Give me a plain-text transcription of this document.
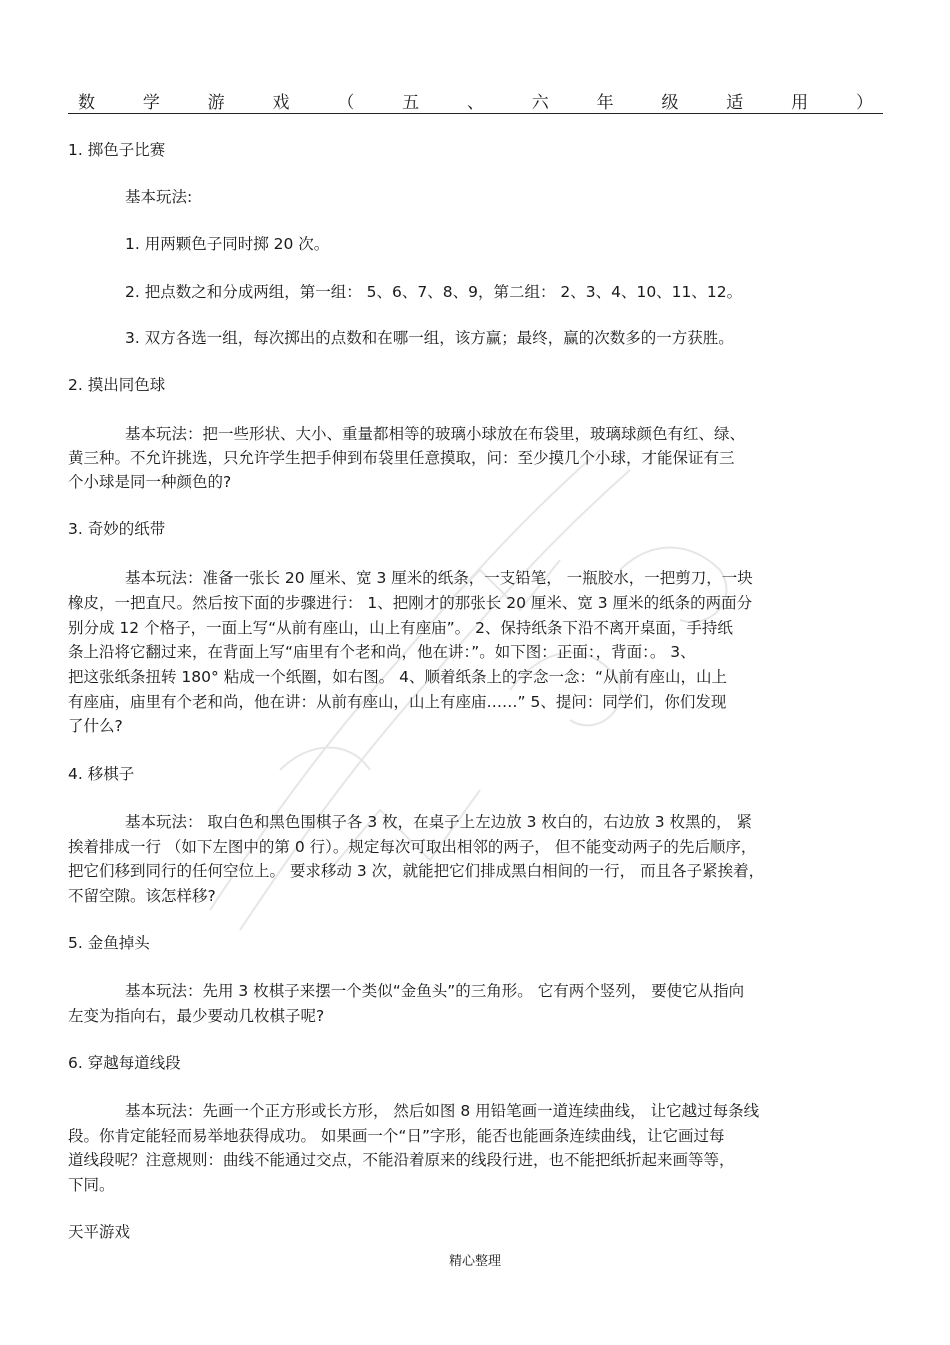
数	学	游	戏	（	五	、	六	年	级	适	用	）
1. 掷色子比赛
基本玩法:
1. 用两颗色子同时掷 20 次。
2. 把点数之和分成两组，第一组： 5、6、7、8、9，第二组： 2、3、4、10、11、12。
3. 双方各选一组，每次掷出的点数和在哪一组，该方赢；最终，赢的次数多的一方获胜。
2. 摸出同色球
基本玩法：把一些形状、大小、重量都相等的玻璃小球放在布袋里，玻璃球颜色有红、绿、
黄三种。不允许挑选，只允许学生把手伸到布袋里任意摸取，问：至少摸几个小球，才能保证有三
个小球是同一种颜色的?
3. 奇妙的纸带
基本玩法：准备一张长 20 厘米、宽 3 厘米的纸条，一支铅笔， 一瓶胶水，一把剪刀，一块
橡皮，一把直尺。然后按下面的步骤进行： 1、把刚才的那张长 20 厘米、宽 3 厘米的纸条的两面分
别分成 12 个格子，一面上写“从前有座山，山上有座庙”。 2、保持纸条下沿不离开桌面，手持纸
条上沿将它翻过来，在背面上写“庙里有个老和尚，他在讲：”。如下图：正面：，背面：。 3、
把这张纸条扭转 180° 粘成一个纸圈，如右图。 4、顺着纸条上的字念一念：“从前有座山，山上
有座庙，庙里有个老和尚，他在讲：从前有座山，山上有座庙……” 5、提问：同学们，你们发现
了什么?
4. 移棋子
基本玩法： 取白色和黑色围棋子各 3 枚，在桌子上左边放 3 枚白的，右边放 3 枚黑的， 紧
挨着排成一行 （如下左图中的第 0 行）。规定每次可取出相邻的两子， 但不能变动两子的先后顺序，
把它们移到同行的任何空位上。 要求移动 3 次，就能把它们排成黑白相间的一行， 而且各子紧挨着，
不留空隙。该怎样移?
5. 金鱼掉头
基本玩法：先用 3 枚棋子来摆一个类似“金鱼头”的三角形。 它有两个竖列， 要使它从指向
左变为指向右，最少要动几枚棋子呢?
6. 穿越每道线段
基本玩法：先画一个正方形或长方形， 然后如图 8 用铅笔画一道连续曲线， 让它越过每条线
段。你肯定能轻而易举地获得成功。 如果画一个“日”字形，能否也能画条连续曲线，让它画过每
道线段呢？注意规则：曲线不能通过交点，不能沿着原来的线段行进，也不能把纸折起来画等等，
下同。
天平游戏
精心整理
